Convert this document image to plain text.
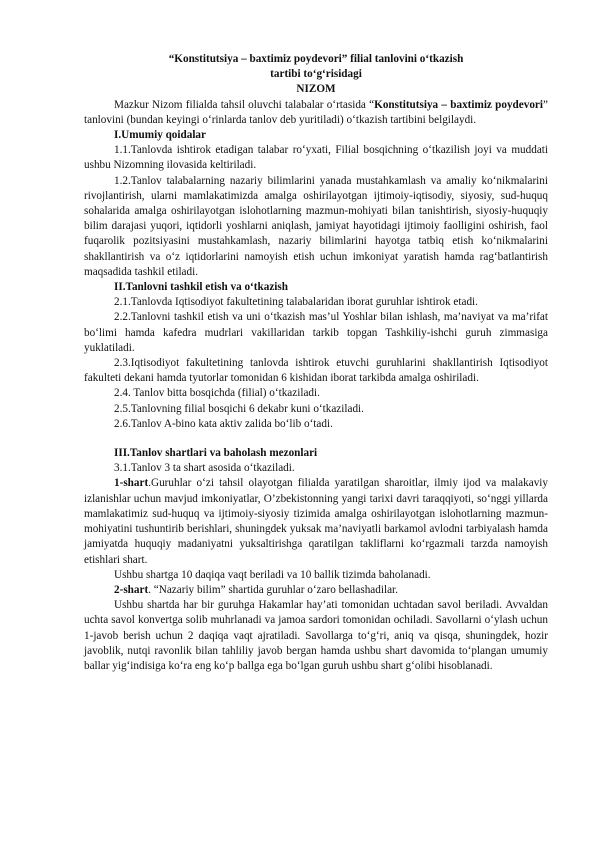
“Konstitutsiya – baxtimiz poydevori” filial tanlovini o‘tkazish
tartibi to‘g‘risidagi
NIZOM

Mazkur Nizom filialda tahsil oluvchi talabalar o‘rtasida “Konstitutsiya – baxtimiz poydevori” tanlovini (bundan keyingi o‘rinlarda tanlov deb yuritiladi) o‘tkazish tartibini belgilaydi.

I.Umumiy qoidalar

1.1.Tanlovda ishtirok etadigan talabar ro‘yxati, Filial bosqichning o‘tkazilish joyi va muddati ushbu Nizomning ilovasida keltiriladi.

1.2.Tanlov talabalarning nazariy bilimlarini yanada mustahkamlash va amaliy ko‘nikmalarini rivojlantirish, ularni mamlakatimizda amalga oshirilayotgan ijtimoiy-iqtisodiy, siyosiy, sud-huquq sohalarida amalga oshirilayotgan islohotlarning mazmun-mohiyati bilan tanishtirish, siyosiy-huquqiy bilim darajasi yuqori, iqtidorli yoshlarni aniqlash, jamiyat hayotidagi ijtimoiy faolligini oshirish, faol fuqarolik pozitsiyasini mustahkamlash, nazariy bilimlarini hayotga tatbiq etish ko‘nikmalarini shakllantirish va o‘z iqtidorlarini namoyish etish uchun imkoniyat yaratish hamda rag‘batlantirish maqsadida tashkil etiladi.

II.Tanlovni tashkil etish va o‘tkazish

2.1.Tanlovda Iqtisodiyot fakultetining talabalaridan iborat guruhlar ishtirok etadi.

2.2.Tanlovni tashkil etish va uni o‘tkazish mas’ul Yoshlar bilan ishlash, ma’naviyat va ma’rifat bo‘limi hamda kafedra mudrlari vakillaridan tarkib topgan Tashkiliy-ishchi guruh zimmasiga yuklatiladi.

2.3.Iqtisodiyot fakultetining tanlovda ishtirok etuvchi guruhlarini shakllantirish Iqtisodiyot fakulteti dekani hamda tyutorlar tomonidan 6 kishidan iborat tarkibda amalga oshiriladi.

2.4. Tanlov bitta bosqichda (filial) o‘tkaziladi.

2.5.Tanlovning filial bosqichi 6 dekabr kuni o‘tkaziladi.

2.6.Tanlov A-bino kata aktiv zalida bo‘lib o‘tadi.

III.Tanlov shartlari va baholash mezonlari

3.1.Tanlov 3 ta shart asosida o‘tkaziladi.

1-shart.Guruhlar o‘zi tahsil olayotgan filialda yaratilgan sharoitlar, ilmiy ijod va malakaviy izlanishlar uchun mavjud imkoniyatlar, O’zbekistonning yangi tarixi davri taraqqiyoti, so‘nggi yillarda mamlakatimiz sud-huquq va ijtimoiy-siyosiy tizimida amalga oshirilayotgan islohotlarning mazmun-mohiyatini tushuntirib berishlari, shuningdek yuksak ma’naviyatli barkamol avlodni tarbiyalash hamda jamiyatda huquqiy madaniyatni yuksaltirishga qaratilgan takliflarni ko‘rgazmali tarzda namoyish etishlari shart.

Ushbu shartga 10 daqiqa vaqt beriladi va 10 ballik tizimda baholanadi.

2-shart. “Nazariy bilim” shartida guruhlar o‘zaro bellashadilar.

Ushbu shartda har bir guruhga Hakamlar hay’ati tomonidan uchtadan savol beriladi. Avvaldan uchta savol konvertga solib muhrlanadi va jamoa sardori tomonidan ochiladi. Savollarni o‘ylash uchun 1-javob berish uchun 2 daqiqa vaqt ajratiladi. Savollarga to‘g‘ri, aniq va qisqa, shuningdek, hozir javoblik, nutqi ravonlik bilan tahliliy javob bergan hamda ushbu shart davomida to‘plangan umumiy ballar yig‘indisiga ko‘ra eng ko‘p ballga ega bo‘lgan guruh ushbu shart g‘olibi hisoblanadi.
